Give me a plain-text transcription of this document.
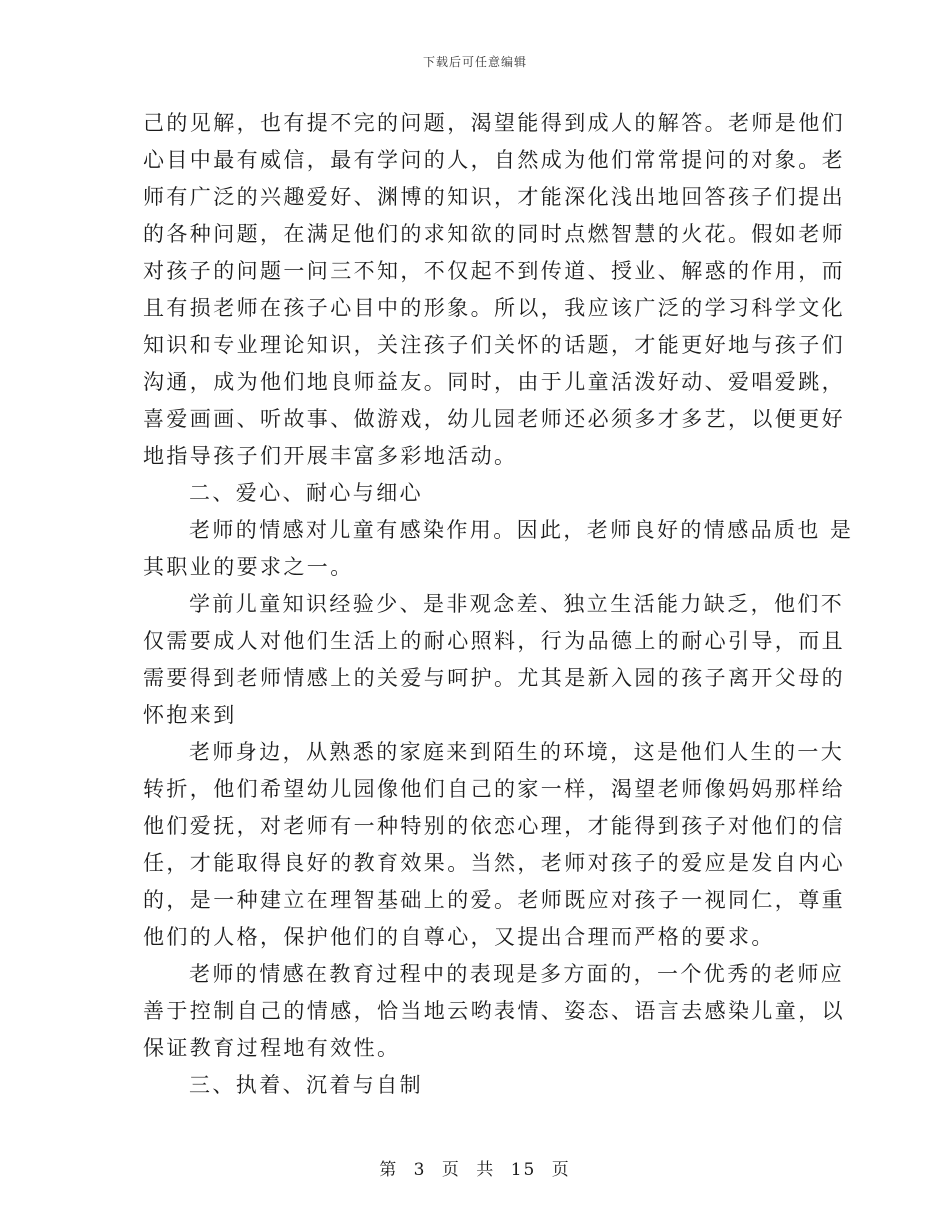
下载后可任意编辑
己的见解，也有提不完的问题，渴望能得到成人的解答。老师是他们
心目中最有威信，最有学问的人，自然成为他们常常提问的对象。老
师有广泛的兴趣爱好、渊博的知识，才能深化浅出地回答孩子们提出
的各种问题，在满足他们的求知欲的同时点燃智慧的火花。假如老师
对孩子的问题一问三不知，不仅起不到传道、授业、解惑的作用，而
且有损老师在孩子心目中的形象。所以，我应该广泛的学习科学文化
知识和专业理论知识，关注孩子们关怀的话题，才能更好地与孩子们
沟通，成为他们地良师益友。同时，由于儿童活泼好动、爱唱爱跳，
喜爱画画、听故事、做游戏，幼儿园老师还必须多才多艺，以便更好
地指导孩子们开展丰富多彩地活动。
二、爱心、耐心与细心
老师的情感对儿童有感染作用。因此，老师良好的情感品质也 是
其职业的要求之一。
学前儿童知识经验少、是非观念差、独立生活能力缺乏，他们不
仅需要成人对他们生活上的耐心照料，行为品德上的耐心引导，而且
需要得到老师情感上的关爱与呵护。尤其是新入园的孩子离开父母的
怀抱来到
老师身边，从熟悉的家庭来到陌生的环境，这是他们人生的一大
转折，他们希望幼儿园像他们自己的家一样，渴望老师像妈妈那样给
他们爱抚，对老师有一种特别的依恋心理，才能得到孩子对他们的信
任，才能取得良好的教育效果。当然，老师对孩子的爱应是发自内心
的，是一种建立在理智基础上的爱。老师既应对孩子一视同仁，尊重
他们的人格，保护他们的自尊心，又提出合理而严格的要求。
老师的情感在教育过程中的表现是多方面的，一个优秀的老师应
善于控制自己的情感，恰当地云哟表情、姿态、语言去感染儿童，以
保证教育过程地有效性。
三、执着、沉着与自制
第 3 页 共 15 页
